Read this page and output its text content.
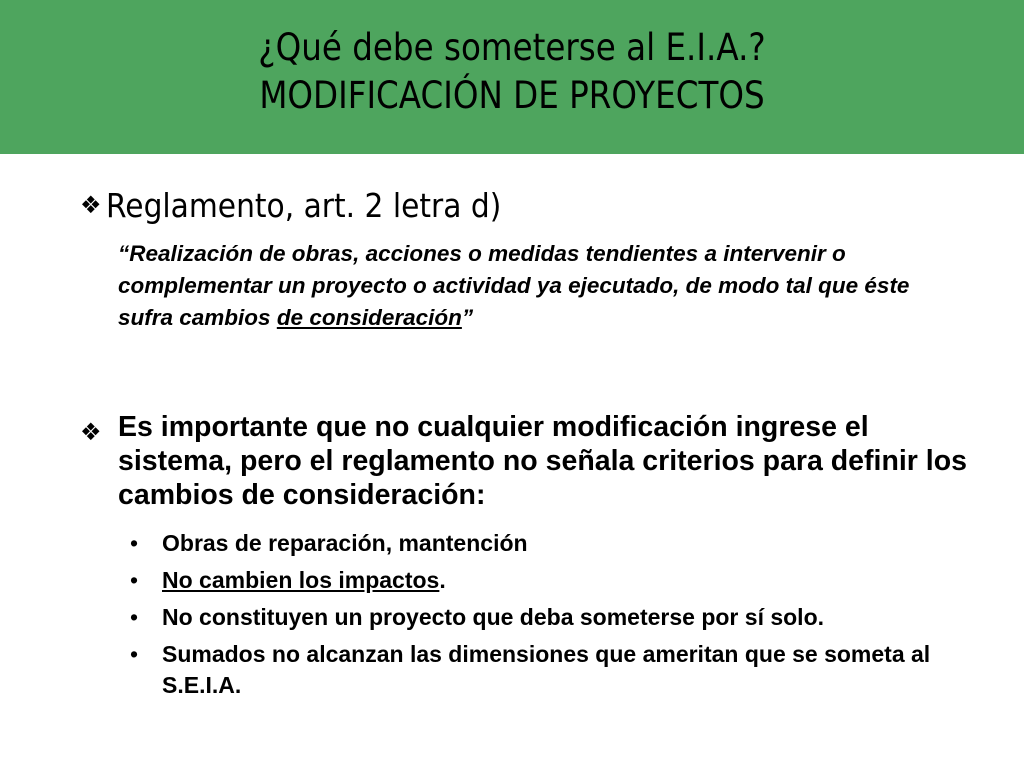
¿Qué debe someterse al E.I.A.?
MODIFICACIÓN DE PROYECTOS
❖ Reglamento, art. 2 letra d)
“Realización de obras, acciones o medidas tendientes a intervenir o complementar un proyecto o actividad ya ejecutado, de modo tal que éste sufra cambios de consideración”
❖ Es importante que no cualquier modificación ingrese el sistema, pero el reglamento no señala criterios para definir los cambios de consideración:
• Obras de reparación, mantención
• No cambien los impactos.
• No constituyen un proyecto que deba someterse por sí solo.
• Sumados no alcanzan las dimensiones que ameritan que se someta al S.E.I.A.
